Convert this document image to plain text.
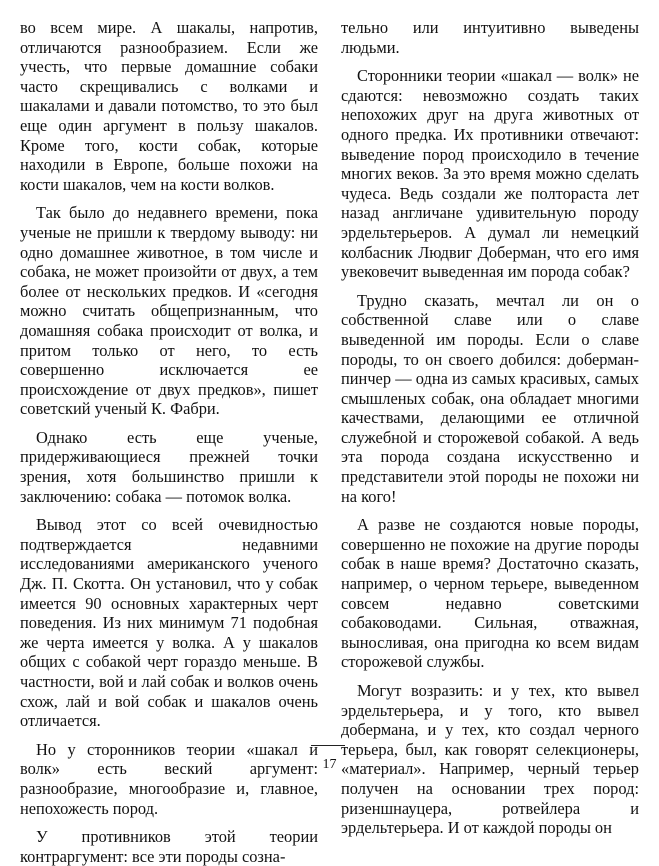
во всем мире. А шакалы, напротив, отличаются разнообразием. Если же учесть, что первые домашние собаки часто скрещивались с волками и шакалами и давали потомство, то это был еще один аргумент в пользу шакалов. Кроме того, кости собак, которые находили в Европе, больше похожи на кости шакалов, чем на кости волков.

Так было до недавнего времени, пока ученые не пришли к твердому выводу: ни одно домашнее животное, в том числе и собака, не может произойти от двух, а тем более от нескольких предков. И «сегодня можно считать общепризнанным, что домашняя собака происходит от волка, и притом только от него, то есть совершенно исключается ее происхождение от двух предков», пишет советский ученый К. Фабри.

Однако есть еще ученые, придерживающиеся прежней точки зрения, хотя большинство пришли к заключению: собака — потомок волка.

Вывод этот со всей очевидностью подтверждается недавними исследованиями американского ученого Дж. П. Скотта. Он установил, что у собак имеется 90 основных характерных черт поведения. Из них минимум 71 подобная же черта имеется у волка. А у шакалов общих с собакой черт гораздо меньше. В частности, вой и лай собак и волков очень схож, лай и вой собак и шакалов очень отличается.

Но у сторонников теории «шакал и волк» есть веский аргумент: разнообразие, многообразие и, главное, непохожесть пород.

У противников этой теории контраргумент: все эти породы созна-

тельно или интуитивно выведены людьми.

Сторонники теории «шакал — волк» не сдаются: невозможно создать таких непохожих друг на друга животных от одного предка. Их противники отвечают: выведение пород происходило в течение многих веков. За это время можно сделать чудеса. Ведь создали же полтораста лет назад англичане удивительную породу эрдельтерьеров. А думал ли немецкий колбасник Людвиг Доберман, что его имя увековечит выведенная им порода собак?

Трудно сказать, мечтал ли он о собственной славе или о славе выведенной им породы. Если о славе породы, то он своего добился: доберман-пинчер — одна из самых красивых, самых смышленых собак, она обладает многими качествами, делающими ее отличной служебной и сторожевой собакой. А ведь эта порода создана искусственно и представители этой породы не похожи ни на кого!

А разве не создаются новые породы, совершенно не похожие на другие породы собак в наше время? Достаточно сказать, например, о черном терьере, выведенном совсем недавно советскими собаководами. Сильная, отважная, выносливая, она пригодна ко всем видам сторожевой службы.

Могут возразить: и у тех, кто вывел эрдельтерьера, и у того, кто вывел добермана, и у тех, кто создал черного терьера, был, как говорят селекционеры, «материал». Например, черный терьер получен на основании трех пород: ризеншнауцера, ротвейлера и эрдельтерьера. И от каждой породы он

17
